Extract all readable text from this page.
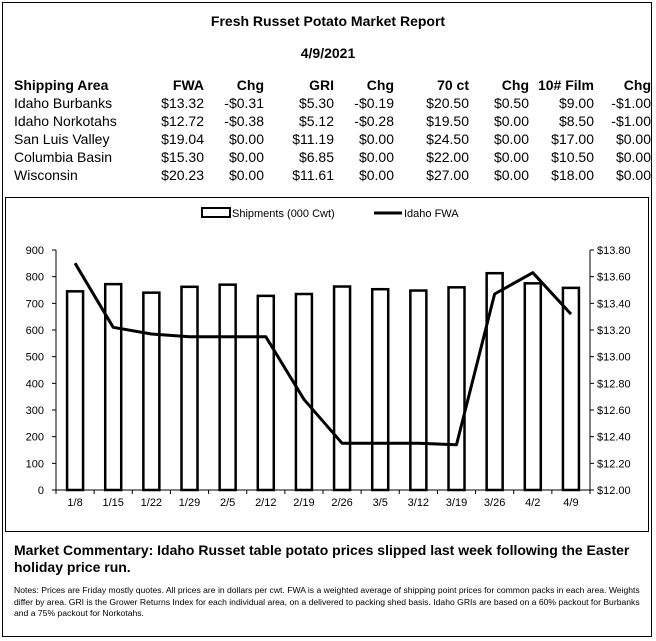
Fresh Russet Potato Market Report
4/9/2021
Shipping Area	FWA	Chg	GRI	Chg	70 ct	Chg	10# Film	Chg
Idaho Burbanks	$13.32	-$0.31	$5.30	-$0.19	$20.50	$0.50	$9.00	-$1.00
Idaho Norkotahs	$12.72	-$0.38	$5.12	-$0.28	$19.50	$0.00	$8.50	-$1.00
San Luis Valley	$19.04	$0.00	$11.19	$0.00	$24.50	$0.00	$17.00	$0.00
Columbia Basin	$15.30	$0.00	$6.85	$0.00	$22.00	$0.00	$10.50	$0.00
Wisconsin	$20.23	$0.00	$11.61	$0.00	$27.00	$0.00	$18.00	$0.00
Shipments (000 Cwt)	Idaho FWA
0
100
200
300
400
500
600
700
800
900
$12.00
$12.20
$12.40
$12.60
$12.80
$13.00
$13.20
$13.40
$13.60
$13.80
1/8 1/15 1/22 1/29 2/5 2/12 2/19 2/26 3/5 3/12 3/19 3/26 4/2 4/9
Market Commentary: Idaho Russet table potato prices slipped last week following the Easter holiday price run.
Notes: Prices are Friday mostly quotes. All prices are in dollars per cwt. FWA is a weighted average of shipping point prices for common packs in each area. Weights differ by area. GRI is the Grower Returns Index for each individual area, on a delivered to packing shed basis. Idaho GRIs are based on a 60% packout for Burbanks and a 75% packout for Norkotahs.
